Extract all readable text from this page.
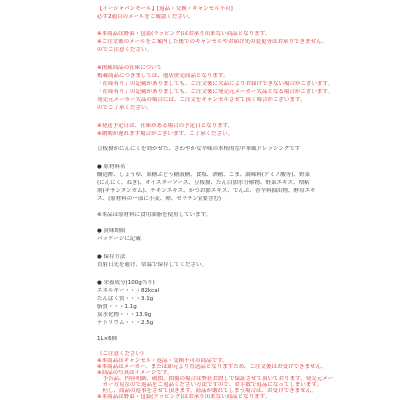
【イージャパンモール】[返品・交換・キャンセル不可]
必ず2通目のメールをご確認ください。
※本商品は野菜・包装(ラッピング)はお承り出来ない商品となります。
※ご注文後のメールをご案内した後でのキャンセルやお届け先の変更等はお承りできません。
のでご注意ください。
※掲載商品の在庫について
掲載商品につきましては、他店併売商品となります。
「在庫有り」の記載がありましても、ご注文後に欠品によりお届けできない場合がございます。
「在庫有り」の記載がありましても、ご注文後に発売元メーカー欠品となる場合がございます。
発売元メーカー欠品の場合には、ご注文をキャンセルさせて頂く場合がございます。
のでご了承ください。
※発送予定日は、在庫がある場合の予定日となります。
※納期が遅れます場合がございます。ご了承ください。
豆板醤がにんにくを効かせた、さわやかな辛味の本格的な中華風ドレッシングです
● 原材料名
醸造酢、しょうゆ、果糖ぶどう糖液糖、食塩、酒精、ごま、調味料(アミノ酸等)、野菜
(にんにく、ねぎ)、オイスターソース、豆板醤、たん白加水分解物、野菜エキス、増粘
剤(キサンタンガム)、チキンエキス、かつお節エキス、でんぷ、香辛料抽出物、酵母エキ
ス、(原材料の一部に小麦、卵、ゼラチン)(要含む)
※本品は原材料に食用油脂を使用しています。
● 賞味期限
パッケージに記載
● 保存方法
直射日光を避け、常温で保存してください。
● 栄養成分(100g当り)
エネルギー・・・82kcal
たんぱく質・・・3.1g
脂質・・・1.1g
炭水化物・・・13.9g
ナトリウム・・・2.5g
1L×6個
《ご注意ください》
※本商品はキャンセル・返品・交換不可の商品です。
※本商品はメーカー、または卸元より直送品となりますため、ご注文後はお受けできません。
※商品の写真はイメージです。
　予告品、内容明細、破損、損傷の場合は弊社お渡しで保証させて頂いております。発売元メー
　カー方見なので返品をご返品ください方法ですので、お手数で返品になってしまいます。
　但し、商品の返事をさせて頂きます。商品が壊れてしまう場合は、お受けできません。
※本商品は野菜・包装(ラッピング)はお承り出来ない商品となります。
